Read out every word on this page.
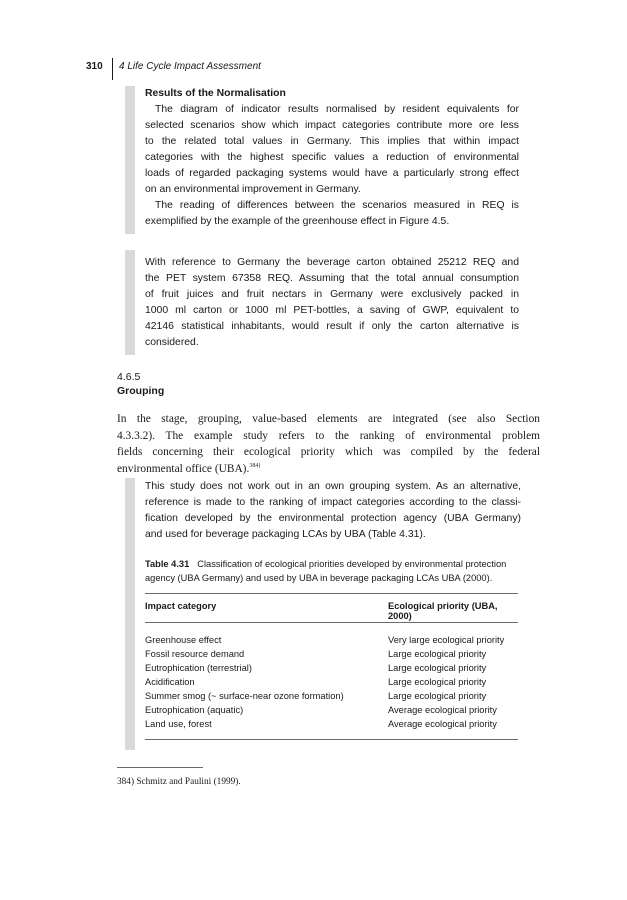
310	4 Life Cycle Impact Assessment

Results of the Normalisation

The diagram of indicator results normalised by resident equivalents for

selected scenarios show which impact categories contribute more ore less

to the related total values in Germany. This implies that within impact

categories with the highest specific values a reduction of environmental

loads of regarded packaging systems would have a particularly strong effect

on an environmental improvement in Germany.

The reading of differences between the scenarios measured in REQ is

exemplified by the example of the greenhouse effect in Figure 4.5.

With reference to Germany the beverage carton obtained 25212 REQ and

the PET system 67358 REQ. Assuming that the total annual consumption

of fruit juices and fruit nectars in Germany were exclusively packed in

1000 ml carton or 1000 ml PET-bottles, a saving of GWP, equivalent to

42146 statistical inhabitants, would result if only the carton alternative is

considered.

4.6.5
Grouping

In the stage, grouping, value-based elements are integrated (see also Section

4.3.3.2). The example study refers to the ranking of environmental problem

fields concerning their ecological priority which was compiled by the federal

environmental office (UBA).$^{384)}$

This study does not work out in an own grouping system. As an alternative,

reference is made to the ranking of impact categories according to the classi-

fication developed by the environmental protection agency (UBA Germany)

and used for beverage packaging LCAs by UBA (Table 4.31).

Table 4.31 Classification of ecological priorities developed by environmental protection
agency (UBA Germany) and used by UBA in beverage packaging LCAs UBA (2000).
Impact category	Ecological priority (UBA, 2000)
Greenhouse effect	Very large ecological priority
Fossil resource demand	Large ecological priority
Eutrophication (terrestrial)	Large ecological priority
Acidification	Large ecological priority
Summer smog (~ surface-near ozone formation)	Large ecological priority
Eutrophication (aquatic)	Average ecological priority
Land use, forest	Average ecological priority
384) Schmitz and Paulini (1999).
